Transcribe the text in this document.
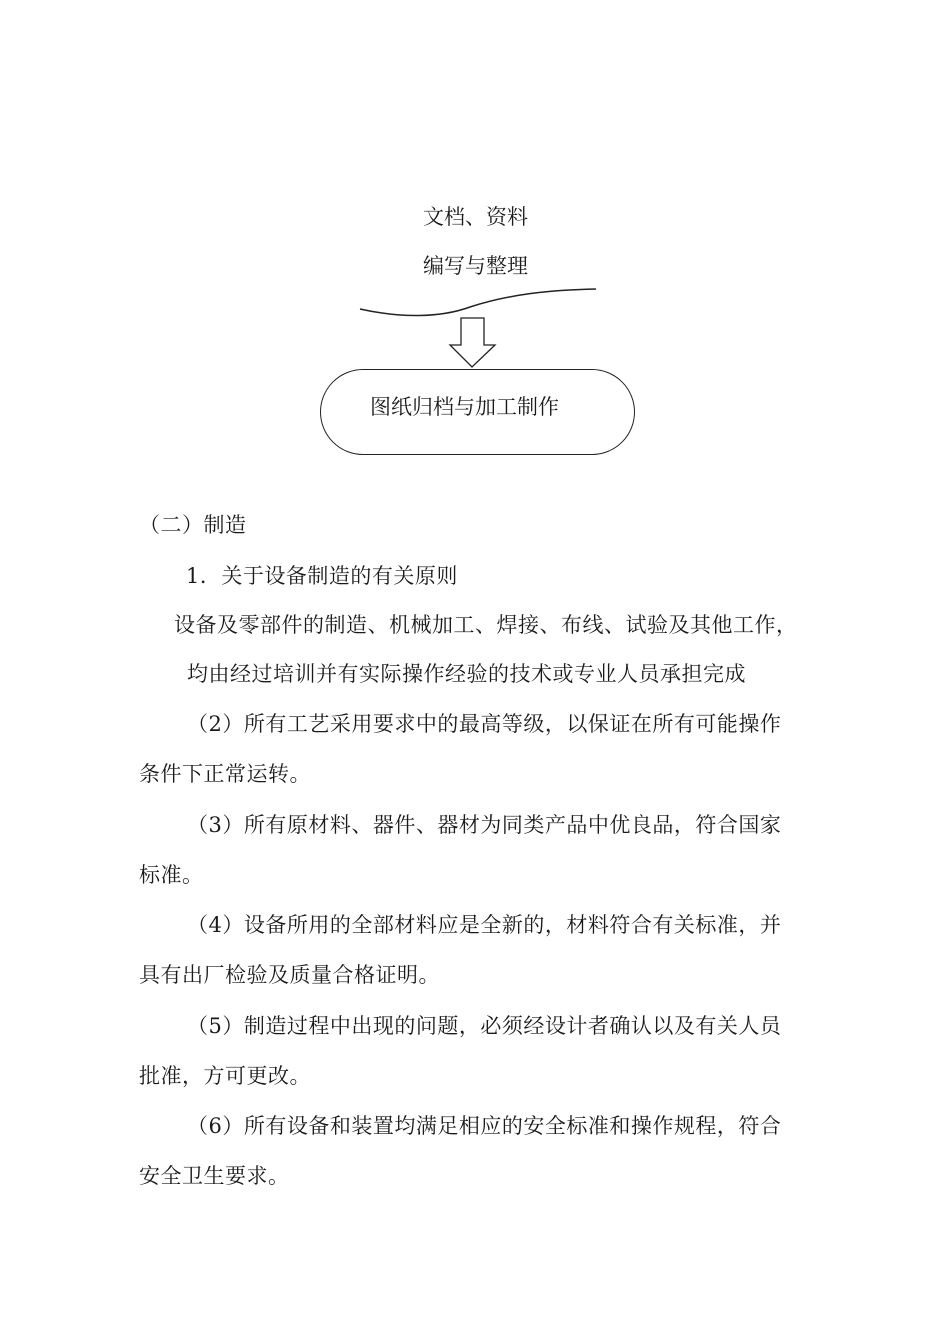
文档、资料
编写与整理
图纸归档与加工制作
（二）制造
1．关于设备制造的有关原则
设备及零部件的制造、机械加工、焊接、布线、试验及其他工作，
均由经过培训并有实际操作经验的技术或专业人员承担完成
（2）所有工艺采用要求中的最高等级，以保证在所有可能操作
条件下正常运转。
（3）所有原材料、器件、器材为同类产品中优良品，符合国家
标准。
（4）设备所用的全部材料应是全新的，材料符合有关标准，并
具有出厂检验及质量合格证明。
（5）制造过程中出现的问题，必须经设计者确认以及有关人员
批准，方可更改。
（6）所有设备和装置均满足相应的安全标准和操作规程，符合
安全卫生要求。
